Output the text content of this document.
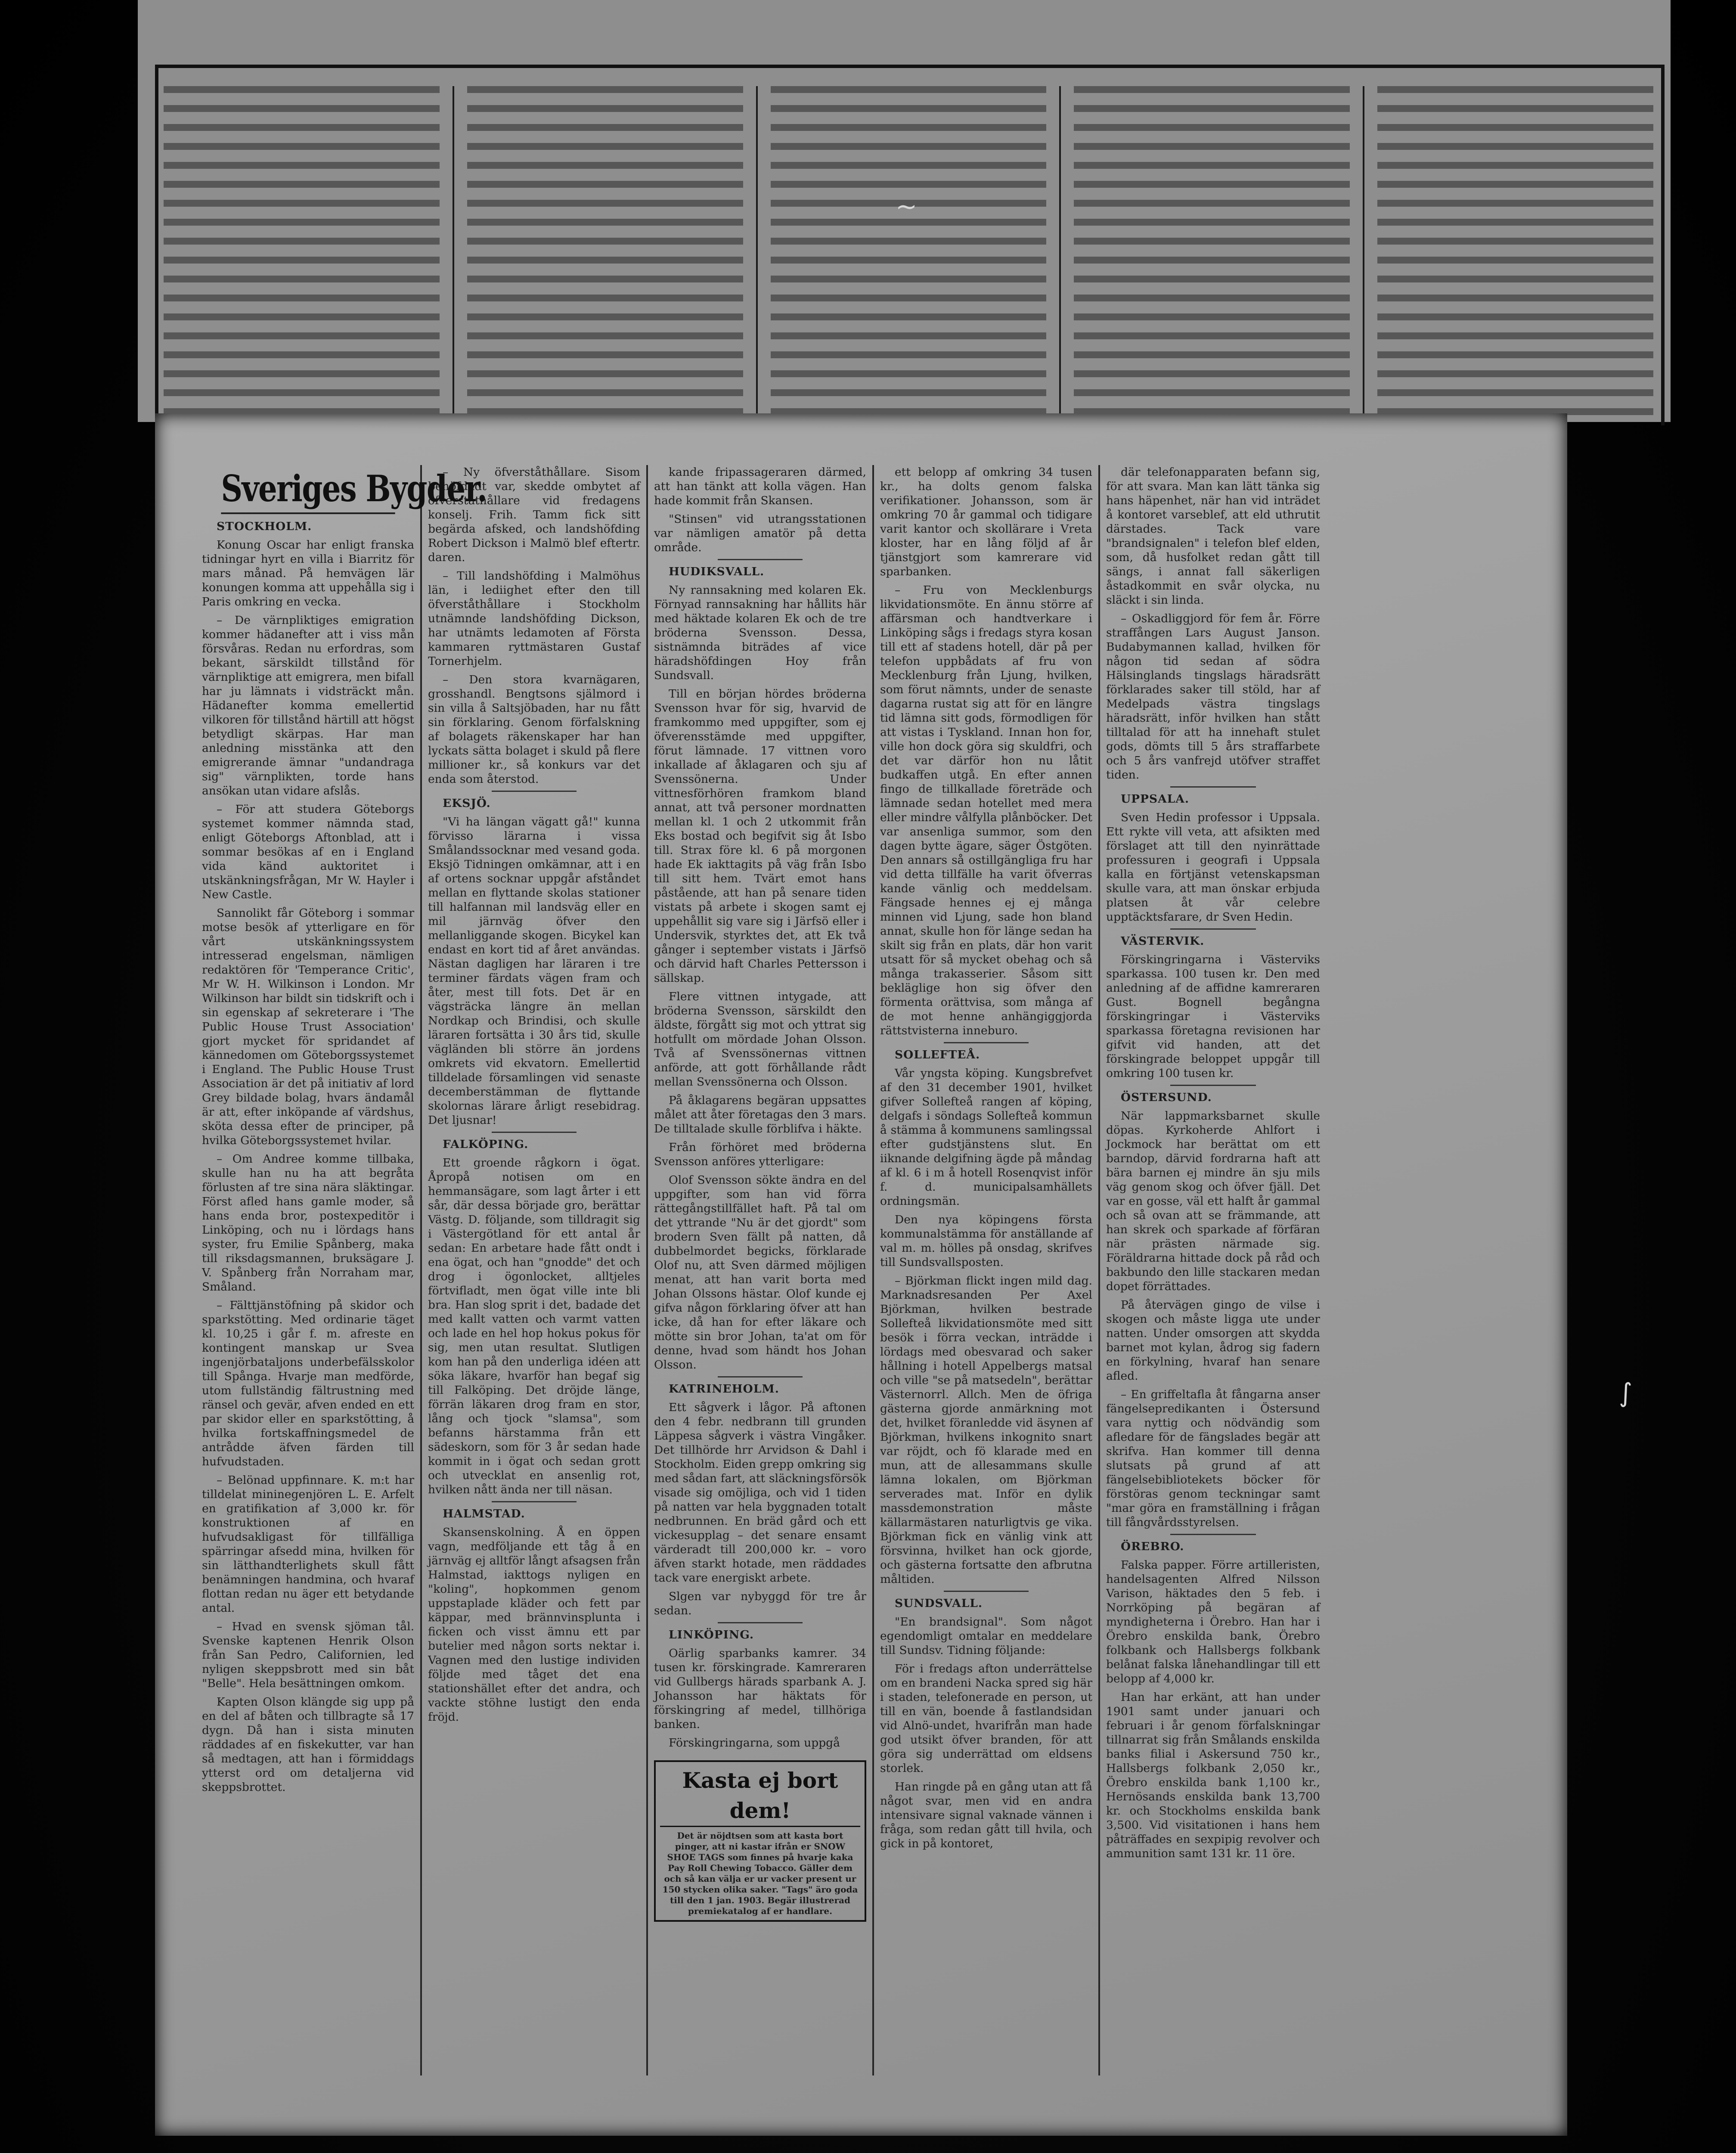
Sveriges Bygder.

STOCKHOLM.

Konung Oscar har enligt franska tidningar hyrt en villa i Biarritz för mars månad. På hemvägen lär konungen komma att uppehålla sig i Paris omkring en vecka.

– De värnpliktiges emigration kommer hädanefter att i viss mån försvåras. Redan nu erfordras, som bekant, särskildt tillstånd för värnpliktige att emigrera, men bifall har ju lämnats i vidsträckt mån. Hädanefter komma emellertid vilkoren för tillstånd härtill att högst betydligt skärpas. Har man anledning misstänka att den emigrerande ämnar "undandraga sig" värnplikten, torde hans ansökan utan vidare afslås.

– För att studera Göteborgs systemet kommer nämnda stad, enligt Göteborgs Aftonblad, att i sommar besökas af en i England vida känd auktoritet i utskänkningsfrågan, Mr W. Hayler i New Castle.

Sannolikt får Göteborg i sommar motse besök af ytterligare en för vårt utskänkningssystem intresserad engelsman, nämligen redaktören för 'Temperance Critic', Mr W. H. Wilkinson i London. Mr Wilkinson har bildt sin tidskrift och i sin egenskap af sekreterare i 'The Public House Trust Association' gjort mycket för spridandet af kännedomen om Göteborgssystemet i England. The Public House Trust Association är det på initiativ af lord Grey bildade bolag, hvars ändamål är att, efter inköpande af värdshus, sköta dessa efter de principer, på hvilka Göteborgssystemet hvilar.

– Om Andree komme tillbaka, skulle han nu ha att begråta förlusten af tre sina nära släktingar. Först afled hans gamle moder, så hans enda bror, postexpeditör i Linköping, och nu i lördags hans syster, fru Emilie Spånberg, maka till riksdagsmannen, bruksägare J. V. Spånberg från Norraham mar, Småland.

– Fälttjänstöfning på skidor och sparkstötting. Med ordinarie täget kl. 10,25 i går f. m. afreste en kontingent manskap ur Svea ingenjörbataljons underbefälsskolor till Spånga. Hvarje man medförde, utom fullständig fältrustning med ränsel och gevär, afven ended en ett par skidor eller en sparkstötting, å hvilka fortskaffningsmedel de antrådde äfven färden till hufvudstaden.

– Belönad uppfinnare. K. m:t har tilldelat mininegenjören L. E. Arfelt en gratifikation af 3,000 kr. för konstruktionen af en hufvudsakligast för tillfälliga spärringar afsedd mina, hvilken för sin lätthandterlighets skull fått benämningen handmina, och hvaraf flottan redan nu äger ett betydande antal.

– Hvad en svensk sjöman tål. Svenske kaptenen Henrik Olson från San Pedro, Californien, led nyligen skeppsbrott med sin båt "Belle". Hela besättningen omkom.

Kapten Olson klängde sig upp på en del af båten och tillbragte så 17 dygn. Då han i sista minuten räddades af en fiskekutter, var han så medtagen, att han i förmiddags ytterst ord om detaljerna vid skeppsbrottet.

– Ny öfverståthållare. Sisom behöfdadt var, skedde ombytet af öfverståthållare vid fredagens konselj. Frih. Tamm fick sitt begärda afsked, och landshöfding Robert Dickson i Malmö blef eftertr. daren.

– Till landshöfding i Malmöhus län, i lediighet efter den till öfverståthållare i Stockholm utnämnde landshöfding Dickson, har utnämts ledamoten af Första kammaren ryttmästaren Gustaf Tornerhjelm.

– Den stora kvarnägaren, grosshandl. Bengtsons själmord i sin villa å Saltsjöbaden, har nu fått sin förklaring. Genom förfalskning af bolagets räkenskaper har han lyckats sätta bolaget i skuld på flere millioner kr., så konkurs var det enda som återstod.

EKSJÖ.

"Vi ha längan vägatt gå!" kunna förvisso lärarna i vissa Smålandssocknar med vesand goda. Eksjö Tidningen omkämnar, att i en af ortens socknar uppgår afståndet mellan en flyttande skolas stationer till halfannan mil landsväg eller en mil järnväg öfver den mellanliggande skogen. Bicykel kan endast en kort tid af året användas. Nästan dagligen har läraren i tre terminer färdats vägen fram och åter, mest till fots. Det är en vägsträcka längre än mellan Nordkap och Brindisi, och skulle läraren fortsätta i 30 års tid, skulle vägländen bli större än jordens omkrets vid ekvatorn. Emellertid tilldelade församlingen vid senaste decemberstämman de flyttande skolornas lärare årligt resebidrag. Det ljusnar!

FALKÖPING.

Ett groende rågkorn i ögat. Åpropå notisen om en hemmansägare, som lagt årter i ett sår, där dessa började gro, berättar Västg. D. följande, som tilldragit sig i Västergötland för ett antal år sedan: En arbetare hade fått ondt i ena ögat, och han "gnodde" det och drog i ögonlocket, alltjeles förtvifladt, men ögat ville inte bli bra. Han slog sprit i det, badade det med kallt vatten och varmt vatten och lade en hel hop hokus pokus för sig, men utan resultat. Slutligen kom han på den underliga idéen att söka läkare, hvarför han begaf sig till Falköping. Det dröjde länge, förrän läkaren drog fram en stor, lång och tjock "slamsa", som befanns härstamma från ett sädeskorn, som för 3 år sedan hade kommit in i ögat och sedan grott och utvecklat en ansenlig rot, hvilken nått ända ner till näsan.

HALMSTAD.

Skansenskolning. Å en öppen vagn, medföljande ett tåg å en järnväg ej alltför långt afsagsen från Halmstad, iakttogs nyligen en "koling", hopkommen genom uppstaplade kläder och fett par käppar, med brännvinsplunta i ficken och visst ämnu ett par butelier med någon sorts nektar i. Vagnen med den lustige individen följde med tåget det ena stationshället efter det andra, och vackte stöhne lustigt den enda fröjd.

kande fripassageraren därmed, att han tänkt att kolla vägen. Han hade kommit från Skansen.

"Stinsen" vid utrangsstationen var nämligen amatör på detta område.

HUDIKSVALL.

Ny rannsakning med kolaren Ek. Förnyad rannsakning har hållits här med häktade kolaren Ek och de tre bröderna Svensson. Dessa, sistnämnda biträdes af vice häradshöfdingen Hoy från Sundsvall.

Till en början hördes bröderna Svensson hvar för sig, hvarvid de framkommo med uppgifter, som ej öfverensstämde med uppgifter, förut lämnade. 17 vittnen voro inkallade af åklagaren och sju af Svenssönerna. Under vittnesförhören framkom bland annat, att två personer mordnatten mellan kl. 1 och 2 utkommit från Eks bostad och begifvit sig åt Isbo till. Strax före kl. 6 på morgonen hade Ek iakttagits på väg från Isbo till sitt hem. Tvärt emot hans påstående, att han på senare tiden vistats på arbete i skogen samt ej uppehållit sig vare sig i Järfsö eller i Undersvik, styrktes det, att Ek två gånger i september vistats i Järfsö och därvid haft Charles Pettersson i sällskap.

Flere vittnen intygade, att bröderna Svensson, särskildt den äldste, förgått sig mot och yttrat sig hotfullt om mördade Johan Olsson. Två af Svenssönernas vittnen anförde, att gott förhållande rådt mellan Svenssönerna och Olsson.

På åklagarens begäran uppsattes målet att åter företagas den 3 mars. De tilltalade skulle förblifva i häkte.

Från förhöret med bröderna Svensson anföres ytterligare:

Olof Svensson sökte ändra en del uppgifter, som han vid förra rättegångstillfället haft. På tal om det yttrande "Nu är det gjordt" som brodern Sven fällt på natten, då dubbelmordet begicks, förklarade Olof nu, att Sven därmed möjligen menat, att han varit borta med Johan Olssons hästar. Olof kunde ej gifva någon förklaring öfver att han icke, då han for efter läkare och mötte sin bror Johan, ta'at om för denne, hvad som händt hos Johan Olsson.

KATRINEHOLM.

Ett sågverk i lågor. På aftonen den 4 febr. nedbrann till grunden Läppesa sågverk i västra Vingåker. Det tillhörde hrr Arvidson & Dahl i Stockholm. Eiden grepp omkring sig med sådan fart, att släckningsförsök visade sig omöjliga, och vid 1 tiden på natten var hela byggnaden totalt nedbrunnen. En bräd gård och ett vickesupplag – det senare ensamt värderadt till 200,000 kr. – voro äfven starkt hotade, men räddades tack vare energiskt arbete.

Slgen var nybyggd för tre år sedan.

LINKÖPING.

Oärlig sparbanks kamrer. 34 tusen kr. förskingrade. Kamreraren vid Gullbergs härads sparbank A. J. Johansson har häktats för förskingring af medel, tillhöriga banken.

Förskingringarna, som uppgå

Kasta ej bort dem!
Det är nöjdtsen som att kasta bort pinger, att ni kastar ifrån er SNOW SHOE TAGS som finnes på hvarje kaka Pay Roll Chewing Tobacco. Gäller dem och så kan välja er ur vacker present ur 150 stycken olika saker. "Tags" äro goda till den 1 jan. 1903. Begär illustrerad premiekatalog af er handlare.

ett belopp af omkring 34 tusen kr., ha dolts genom falska verifikationer. Johansson, som är omkring 70 år gammal och tidigare varit kantor och skollärare i Vreta kloster, har en lång följd af år tjänstgjort som kamrerare vid sparbanken.

– Fru von Mecklenburgs likvidationsmöte. En ännu större af affärsman och handtverkare i Linköping sågs i fredags styra kosan till ett af stadens hotell, där på per telefon uppbådats af fru von Mecklenburg från Ljung, hvilken, som förut nämnts, under de senaste dagarna rustat sig att för en längre tid lämna sitt gods, förmodligen för att vistas i Tyskland. Innan hon for, ville hon dock göra sig skuldfri, och det var därför hon nu låtit budkaffen utgå. En efter annen fingo de tillkallade företräde och lämnade sedan hotellet med mera eller mindre vålfylla plånböcker. Det var ansenliga summor, som den dagen bytte ägare, säger Östgöten. Den annars så ostillgängliga fru har vid detta tillfälle ha varit öfverras kande vänlig och meddelsam. Fängsade hennes ej ej många minnen vid Ljung, sade hon bland annat, skulle hon för länge sedan ha skilt sig från en plats, där hon varit utsatt för så mycket obehag och så många trakasserier. Såsom sitt bekläglige hon sig öfver den förmenta orättvisa, som många af de mot henne anhängiggjorda rättstvisterna inneburo.

SOLLEFTEÅ.

Vår yngsta köping. Kungsbrefvet af den 31 december 1901, hvilket gifver Sollefteå rangen af köping, delgafs i söndags Sollefteå kommun å stämma å kommunens samlingssal efter gudstjänstens slut. En iiknande delgifning ägde på måndag af kl. 6 i m å hotell Rosenqvist inför f. d. municipalsamhällets ordningsmän.

Den nya köpingens första kommunalstämma för anställande af val m. m. hölles på onsdag, skrifves till Sundsvallsposten.

– Björkman flickt ingen mild dag. Marknadsresanden Per Axel Björkman, hvilken bestrade Sollefteå likvidationsmöte med sitt besök i förra veckan, inträdde i lördags med obesvarad och saker hållning i hotell Appelbergs matsal och ville "se på matsedeln", berättar Västernorrl. Allch. Men de öfriga gästerna gjorde anmärkning mot det, hvilket föranledde vid äsynen af Björkman, hvilkens inkognito snart var röjdt, och fö klarade med en mun, att de allesammans skulle lämna lokalen, om Björkman serverades mat. Inför en dylik massdemonstration måste källarmästaren naturligtvis ge vika. Björkman fick en vänlig vink att försvinna, hvilket han ock gjorde, och gästerna fortsatte den afbrutna måltiden.

SUNDSVALL.

"En brandsignal". Som något egendomligt omtalar en meddelare till Sundsv. Tidning följande:

För i fredags afton underrättelse om en brandeni Nacka spred sig här i staden, telefonerade en person, ut till en vän, boende å fastlandsidan vid Alnö-undet, hvarifrån man hade god utsikt öfver branden, för att göra sig underrättad om eldsens storlek.

Han ringde på en gång utan att få något svar, men vid en andra intensivare signal vaknade vännen i fråga, som redan gått till hvila, och gick in på kontoret,

där telefonapparaten befann sig, för att svara. Man kan lätt tänka sig hans häpenhet, när han vid inträdet å kontoret varseblef, att eld uthrutit därstades. Tack vare "brandsignalen" i telefon blef elden, som, då husfolket redan gått till sängs, i annat fall säkerligen åstadkommit en svår olycka, nu släckt i sin linda.

– Oskadliggjord för fem år. Förre straffången Lars August Janson. Budabymannen kallad, hvilken för någon tid sedan af södra Hälsinglands tingslags häradsrätt förklarades saker till stöld, har af Medelpads västra tingslags häradsrätt, inför hvilken han stått tilltalad för att ha innehaft stulet gods, dömts till 5 års straffarbete och 5 års vanfrejd utöfver straffet tiden.

UPPSALA.

Sven Hedin professor i Uppsala. Ett rykte vill veta, att afsikten med förslaget att till den nyinrättade professuren i geografi i Uppsala kalla en förtjänst vetenskapsman skulle vara, att man önskar erbjuda platsen åt vår celebre upptäcktsfarare, dr Sven Hedin.

VÄSTERVIK.

Förskingringarna i Västerviks sparkassa. 100 tusen kr. Den med anledning af de affidne kamreraren Gust. Bognell begångna förskingringar i Västerviks sparkassa företagna revisionen har gifvit vid handen, att det förskingrade beloppet uppgår till omkring 100 tusen kr.

ÖSTERSUND.

När lappmarksbarnet skulle döpas. Kyrkoherde Ahlfort i Jockmock har berättat om ett barndop, därvid fordrarna haft att bära barnen ej mindre än sju mils väg genom skog och öfver fjäll. Det var en gosse, väl ett halft år gammal och så ovan att se främmande, att han skrek och sparkade af förfäran när prästen närmade sig. Föräldrarna hittade dock på råd och bakbundo den lille stackaren medan dopet förrättades.

På återvägen gingo de vilse i skogen och måste ligga ute under natten. Under omsorgen att skydda barnet mot kylan, ådrog sig fadern en förkylning, hvaraf han senare afled.

– En griffeltafla åt fångarna anser fängelsepredikanten i Östersund vara nyttig och nödvändig som afledare för de fängslades begär att skrifva. Han kommer till denna slutsats på grund af att fängelsebibliotekets böcker för förstöras genom teckningar samt "mar göra en framställning i frågan till fångvårdsstyrelsen.

ÖREBRO.

Falska papper. Förre artilleristen, handelsagenten Alfred Nilsson Varison, häktades den 5 feb. i Norrköping på begäran af myndigheterna i Örebro. Han har i Örebro enskilda bank, Örebro folkbank och Hallsbergs folkbank belånat falska lånehandlingar till ett belopp af 4,000 kr.

Han har erkänt, att han under 1901 samt under januari och februari i år genom förfalskningar tillnarrat sig från Smålands enskilda banks filial i Askersund 750 kr., Hallsbergs folkbank 2,050 kr., Örebro enskilda bank 1,100 kr., Hernösands enskilda bank 13,700 kr. och Stockholms enskilda bank 3,500. Vid visitationen i hans hem påträffades en sexpipig revolver och ammunition samt 131 kr. 11 öre.

~
∫
